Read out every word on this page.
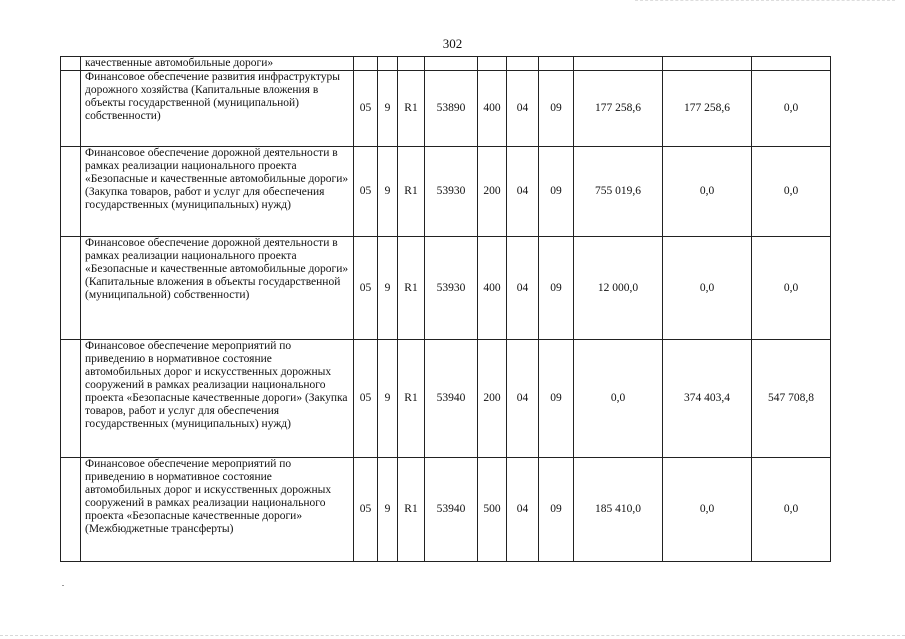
302
	качественные автомобильные дороги»										
	Финансовое обеспечение развития инфраструктуры дорожного хозяйства (Капитальные вложения в объекты государственной (муниципальной) собственности)	05	9	R1	53890	400	04	09	177 258,6	177 258,6	0,0
	Финансовое обеспечение дорожной деятельности в рамках реализации национального проекта «Безопасные и качественные автомобильные дороги» (Закупка товаров, работ и услуг для обеспечения государственных (муниципальных) нужд)	05	9	R1	53930	200	04	09	755 019,6	0,0	0,0
	Финансовое обеспечение дорожной деятельности в рамках реализации национального проекта «Безопасные и качественные автомобильные дороги» (Капитальные вложения в объекты государственной (муниципальной) собственности)	05	9	R1	53930	400	04	09	12 000,0	0,0	0,0
	Финансовое обеспечение мероприятий по приведению в нормативное состояние автомобильных дорог и искусственных дорожных сооружений в рамках реализации национального проекта «Безопасные качественные дороги» (Закупка товаров, работ и услуг для обеспечения государственных (муниципальных) нужд)	05	9	R1	53940	200	04	09	0,0	374 403,4	547 708,8
	Финансовое обеспечение мероприятий по приведению в нормативное состояние автомобильных дорог и искусственных дорожных сооружений в рамках реализации национального проекта «Безопасные качественные дороги» (Межбюджетные трансферты)	05	9	R1	53940	500	04	09	185 410,0	0,0	0,0
